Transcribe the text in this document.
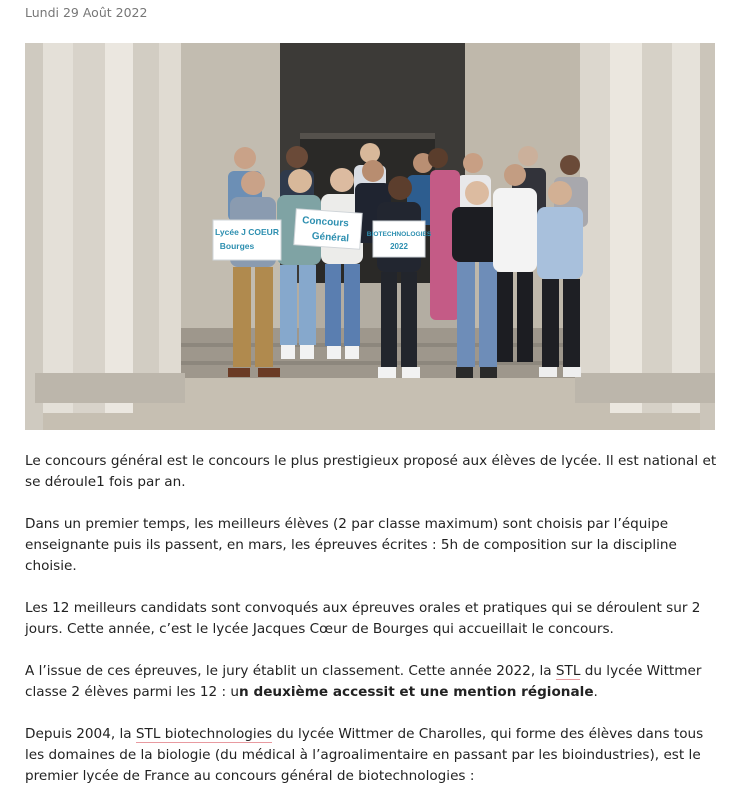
Lundi 29 Août 2022
Lycée J COEUR
Bourges
Concours
Général	BIOTECHNOLOGIES
2022

Le concours général est le concours le plus prestigieux proposé aux élèves de lycée. Il est national et se déroule1 fois par an.

Dans un premier temps, les meilleurs élèves (2 par classe maximum) sont choisis par l’équipe enseignante puis ils passent, en mars, les épreuves écrites : 5h de composition sur la discipline choisie.

Les 12 meilleurs candidats sont convoqués aux épreuves orales et pratiques qui se déroulent sur 2 jours. Cette année, c’est le lycée Jacques Cœur de Bourges qui accueillait le concours.

A l’issue de ces épreuves, le jury établit un classement. Cette année 2022, la STL du lycée Wittmer classe 2 élèves parmi les 12 : un deuxième accessit et une mention régionale.

Depuis 2004, la STL biotechnologies du lycée Wittmer de Charolles, qui forme des élèves dans tous les domaines de la biologie (du médical à l’agroalimentaire en passant par les bioindustries), est le premier lycée de France au concours général de biotechnologies :
